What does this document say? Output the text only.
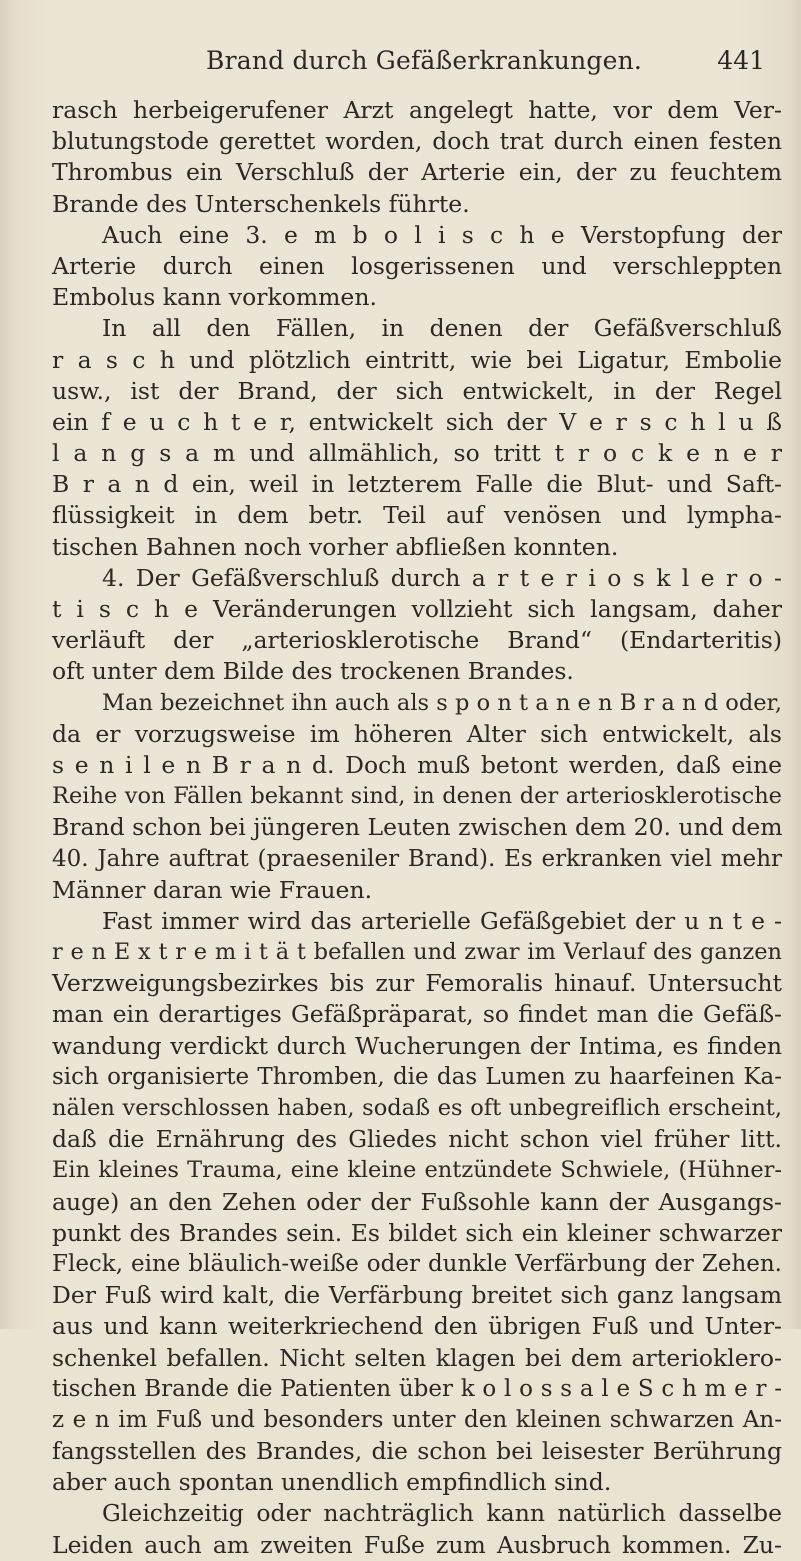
Brand durch Gefäßerkrankungen.	441
rasch herbeigerufener Arzt angelegt hatte, vor dem Ver-
blutungstode gerettet worden, doch trat durch einen festen
Thrombus ein Verschluß der Arterie ein, der zu feuchtem
Brande des Unterschenkels führte.
Auch eine 3. e m b o l i s c h e Verstopfung der
Arterie durch einen losgerissenen und verschleppten
Embolus kann vorkommen.
In all den Fällen, in denen der Gefäßverschluß
r a s c h und plötzlich eintritt, wie bei Ligatur, Embolie
usw., ist der Brand, der sich entwickelt, in der Regel
ein f e u c h t e r, entwickelt sich der V e r s c h l u ß
l a n g s a m und allmählich, so tritt t r o c k e n e r
B r a n d ein, weil in letzterem Falle die Blut- und Saft-
flüssigkeit in dem betr. Teil auf venösen und lympha-
tischen Bahnen noch vorher abfließen konnten.
4. Der Gefäßverschluß durch a r t e r i o s k l e r o -
t i s c h e Veränderungen vollzieht sich langsam, daher
verläuft der „arteriosklerotische Brand“ (Endarteritis)
oft unter dem Bilde des trockenen Brandes.
Man bezeichnet ihn auch als s p o n t a n e n B r a n d oder,
da er vorzugsweise im höheren Alter sich entwickelt, als
s e n i l e n B r a n d. Doch muß betont werden, daß eine
Reihe von Fällen bekannt sind, in denen der arteriosklerotische
Brand schon bei jüngeren Leuten zwischen dem 20. und dem
40. Jahre auftrat (praeseniler Brand). Es erkranken viel mehr
Männer daran wie Frauen.
Fast immer wird das arterielle Gefäßgebiet der u n t e -
r e n E x t r e m i t ä t befallen und zwar im Verlauf des ganzen
Verzweigungsbezirkes bis zur Femoralis hinauf. Untersucht
man ein derartiges Gefäßpräparat, so findet man die Gefäß-
wandung verdickt durch Wucherungen der Intima, es finden
sich organisierte Thromben, die das Lumen zu haarfeinen Ka-
nälen verschlossen haben, sodaß es oft unbegreiflich erscheint,
daß die Ernährung des Gliedes nicht schon viel früher litt.
Ein kleines Trauma, eine kleine entzündete Schwiele, (Hühner-
auge) an den Zehen oder der Fußsohle kann der Ausgangs-
punkt des Brandes sein. Es bildet sich ein kleiner schwarzer
Fleck, eine bläulich-weiße oder dunkle Verfärbung der Zehen.
Der Fuß wird kalt, die Verfärbung breitet sich ganz langsam
aus und kann weiterkriechend den übrigen Fuß und Unter-
schenkel befallen. Nicht selten klagen bei dem arterioklero-
tischen Brande die Patienten über k o l o s s a l e S c h m e r -
z e n im Fuß und besonders unter den kleinen schwarzen An-
fangsstellen des Brandes, die schon bei leisester Berührung
aber auch spontan unendlich empfindlich sind.
Gleichzeitig oder nachträglich kann natürlich dasselbe
Leiden auch am zweiten Fuße zum Ausbruch kommen. Zu-
